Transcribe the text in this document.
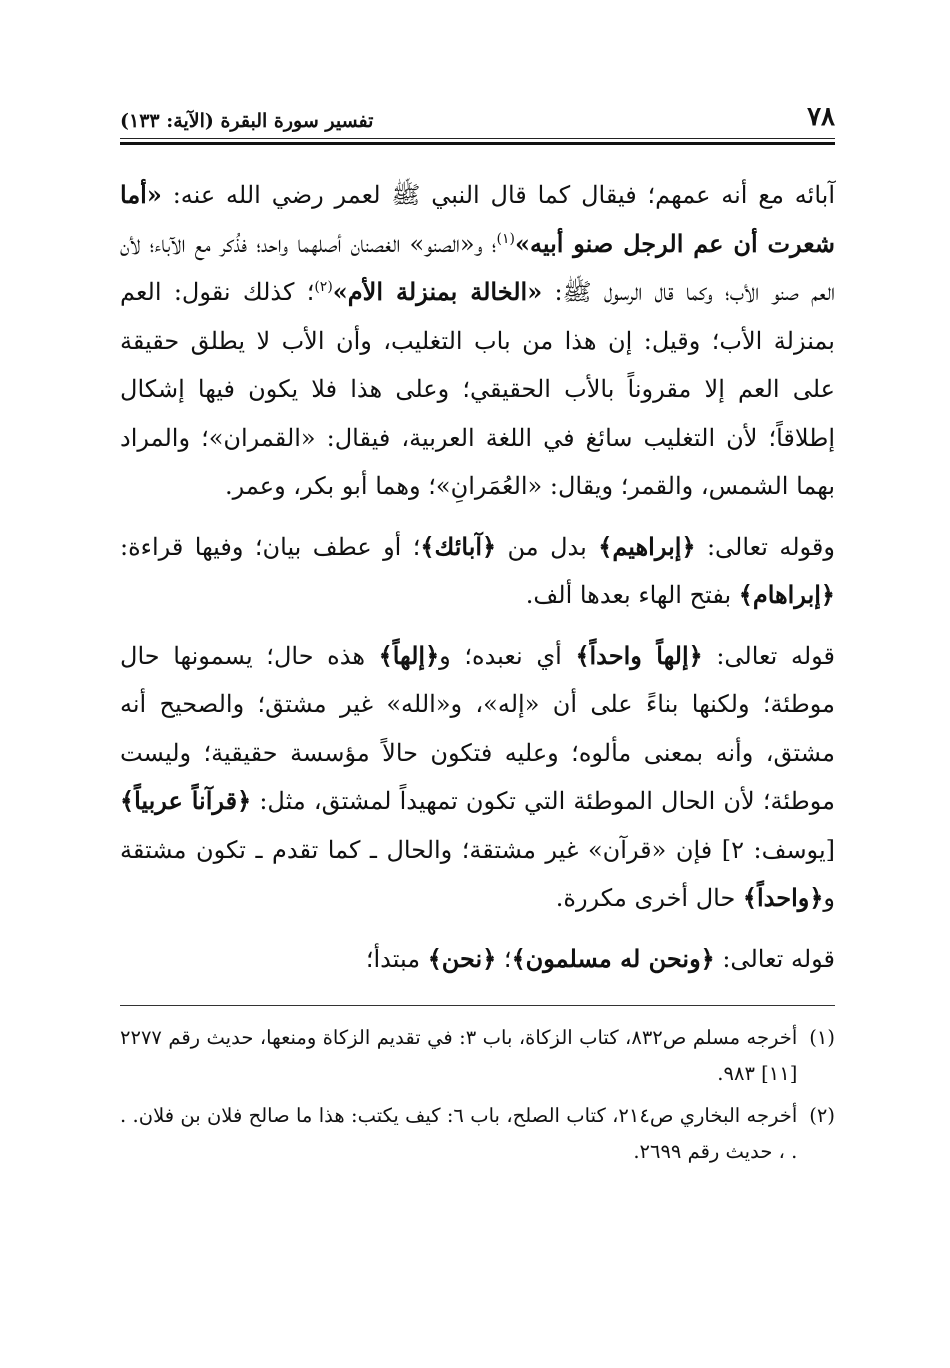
٧٨
تفسير سورة البقرة (الآية: ١٣٣)

آبائه مع أنه عمهم؛ فيقال كما قال النبي ﷺ لعمر رضي الله عنه: «أما شعرت أن عم الرجل صنو أبيه»$^{(١)}$؛ و«الصنو» الغصنان أصلهما واحد؛ فذُكر مع الآباء؛ لأن العم صنو الأب؛ وكما قال الرسول ﷺ: «الخالة بمنزلة الأم»$^{(٢)}$؛ كذلك نقول: العم بمنزلة الأب؛ وقيل: إن هذا من باب التغليب، وأن الأب لا يطلق حقيقة على العم إلا مقروناً بالأب الحقيقي؛ وعلى هذا فلا يكون فيها إشكال إطلاقاً؛ لأن التغليب سائغ في اللغة العربية، فيقال: «القمران»؛ والمراد بهما الشمس، والقمر؛ ويقال: «العُمَرانِ»؛ وهما أبو بكر، وعمر.

وقوله تعالى: ﴿إبراهيم﴾ بدل من ﴿آبائك﴾؛ أو عطف بيان؛ وفيها قراءة: ﴿إبراهام﴾ بفتح الهاء بعدها ألف.

قوله تعالى: ﴿إلهاً واحداً﴾ أي نعبده؛ و﴿إلهاً﴾ هذه حال؛ يسمونها حال موطئة؛ ولكنها بناءً على أن «إله»، و«الله» غير مشتق؛ والصحيح أنه مشتق، وأنه بمعنى مألوه؛ وعليه فتكون حالاً مؤسسة حقيقية؛ وليست موطئة؛ لأن الحال الموطئة التي تكون تمهيداً لمشتق، مثل: ﴿قرآناً عربياً﴾ [يوسف: ٢] فإن «قرآن» غير مشتقة؛ والحال ـ كما تقدم ـ تكون مشتقة و﴿واحداً﴾ حال أخرى مكررة.

قوله تعالى: ﴿ونحن له مسلمون﴾؛ ﴿نحن﴾ مبتدأ؛

(١)
أخرجه مسلم ص٨٣٢، كتاب الزكاة، باب ٣: في تقديم الزكاة ومنعها، حديث رقم ٢٢٧٧ [١١] ٩٨٣.
(٢)
أخرجه البخاري ص٢١٤، كتاب الصلح، باب ٦: كيف يكتب: هذا ما صالح فلان بن فلان. . . ، حديث رقم ٢٦٩٩.
